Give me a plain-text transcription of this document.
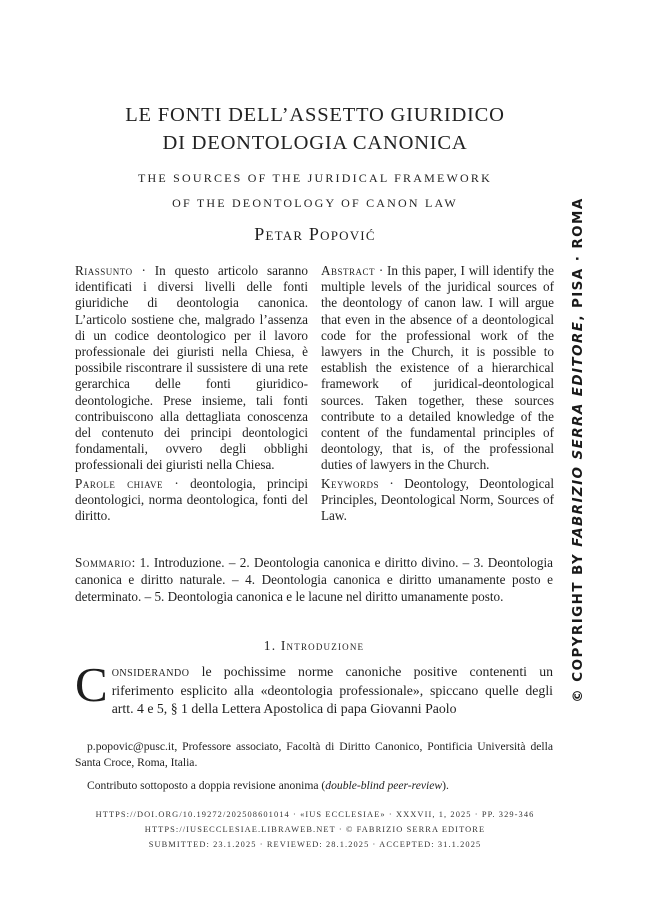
LE FONTI DELL’ASSETTO GIURIDICO
DI DEONTOLOGIA CANONICA
THE SOURCES OF THE JURIDICAL FRAMEWORK
OF THE DEONTOLOGY OF CANON LAW
Petar Popović

Riassunto · In questo articolo saranno identificati i diversi livelli delle fonti giuridiche di deontologia canonica. L’articolo sostiene che, malgrado l’assenza di un codice deontologico per il lavoro professionale dei giuristi nella Chiesa, è possibile riscontrare il sussistere di una rete gerarchica delle fonti giuridico-deontologiche. Prese insieme, tali fonti contribuiscono alla dettagliata conoscenza del contenuto dei principi deontologici fondamentali, ovvero degli obblighi professionali dei giuristi nella Chiesa.

Parole chiave · deontologia, principi deontologici, norma deontologica, fonti del diritto.

Abstract · In this paper, I will identify the multiple levels of the juridical sources of the deontology of canon law. I will argue that even in the absence of a deontological code for the professional work of the lawyers in the Church, it is possible to establish the existence of a hierarchical framework of juridical-deontological sources. Taken together, these sources contribute to a detailed knowledge of the content of the fundamental principles of deontology, that is, of the professional duties of lawyers in the Church.

Keywords · Deontology, Deontological Principles, Deontological Norm, Sources of Law.

Sommario: 1. Introduzione. – 2. Deontologia canonica e diritto divino. – 3. Deontologia canonica e diritto naturale. – 4. Deontologia canonica e diritto umanamente posto e determinato. – 5. Deontologia canonica e le lacune nel diritto umanamente posto.
1. Introduzione
Considerando le pochissime norme canoniche positive contenenti un riferimento esplicito alla «deontologia professionale», spiccano quelle degli artt. 4 e 5, § 1 della Lettera Apostolica di papa Giovanni Paolo

p.popovic@pusc.it, Professore associato, Facoltà di Diritto Canonico, Pontificia Università della Santa Croce, Roma, Italia.

Contributo sottoposto a doppia revisione anonima (double-blind peer-review).

HTTPS://DOI.ORG/10.19272/202508601014 · «IUS ECCLESIAE» · XXXVII, 1, 2025 · PP. 329-346
HTTPS://IUSECCLESIAE.LIBRAWEB.NET · © FABRIZIO SERRA EDITORE
SUBMITTED: 23.1.2025 · REVIEWED: 28.1.2025 · ACCEPTED: 31.1.2025
© COPYRIGHT BY FABRIZIO SERRA EDITORE, PISA · ROMA
